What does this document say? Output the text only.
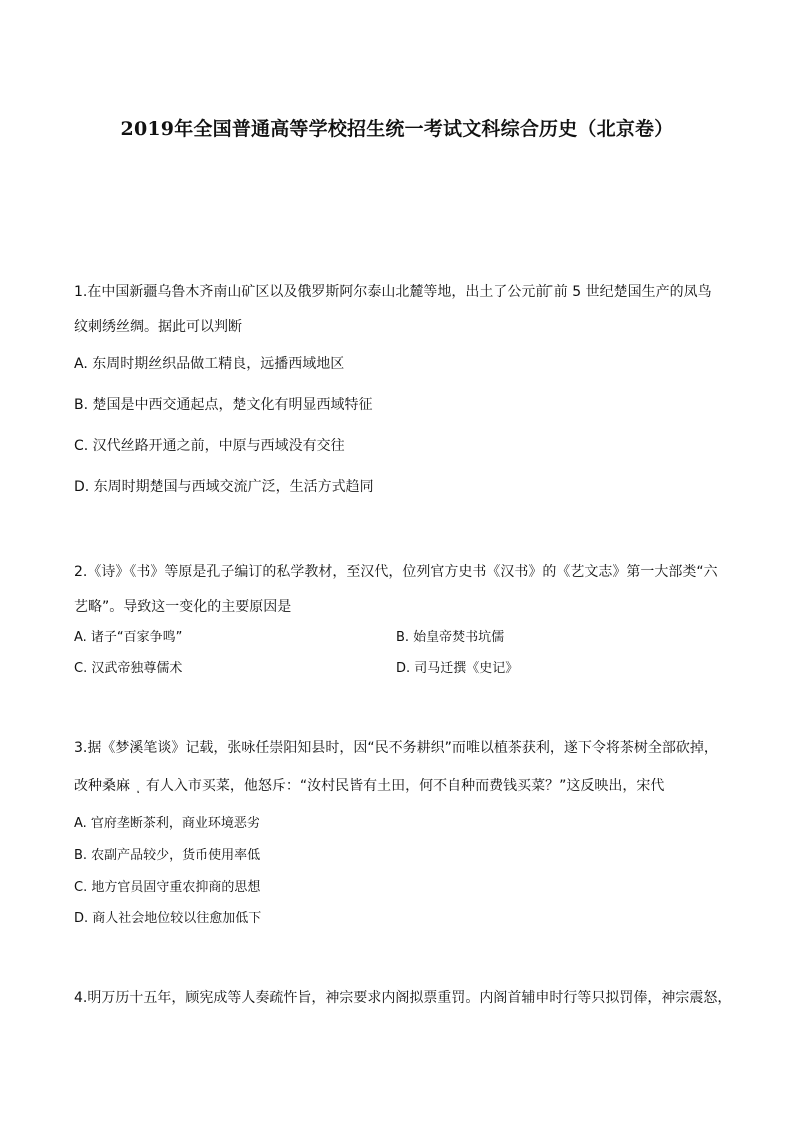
2019年全国普通高等学校招生统一考试文科综合历史（北京卷）
1.在中国新疆乌鲁木齐南山矿区以及俄罗斯阿尔泰山北麓等地，出土了公元前 ̄̄前 5 世纪楚国生产的凤鸟
纹刺绣丝绸。据此可以判断
A. 东周时期丝织品做工精良，远播西域地区
B. 楚国是中西交通起点，楚文化有明显西域特征
C. 汉代丝路开通之前，中原与西域没有交往
D. 东周时期楚国与西域交流广泛，生活方式趋同
2.《诗》《书》等原是孔子编订的私学教材，至汉代，位列官方史书《汉书》的《艺文志》第一大部类“六
艺略”。导致这一变化的主要原因是
A. 诸子“百家争鸣”	B. 始皇帝焚书坑儒
C. 汉武帝独尊儒术	D. 司马迁撰《史记》
3.据《梦溪笔谈》记载，张咏任崇阳知县时，因“民不务耕织”而唯以植茶获利，遂下令将茶树全部砍掉，
改种桑麻 ͺ 有人入市买菜，他怒斥：“汝村民皆有土田，何不自种而费钱买菜？”这反映出，宋代
A. 官府垄断茶利，商业环境恶劣
B. 农副产品较少，货币使用率低
C. 地方官员固守重农抑商的思想
D. 商人社会地位较以往愈加低下
4.明万历十五年，顾宪成等人奏疏忤旨，神宗要求内阁拟票重罚。内阁首辅申时行等只拟罚俸，神宗震怒，
